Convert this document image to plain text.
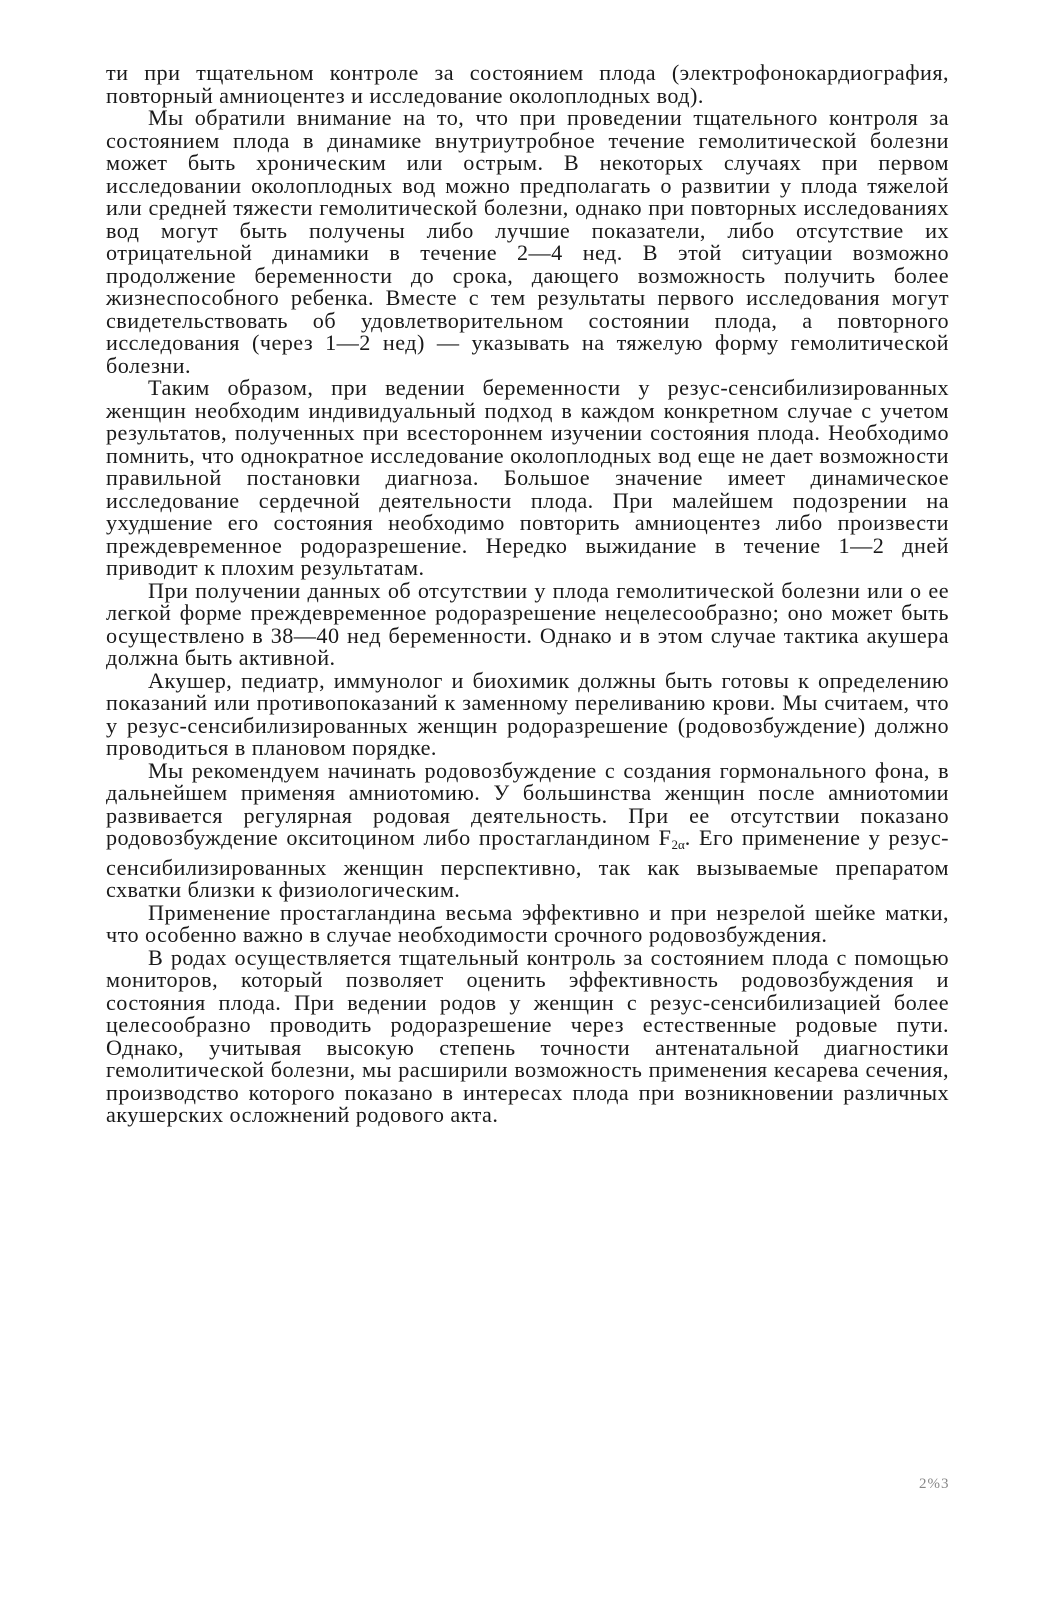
ти при тщательном контроле за состоянием плода (электрофонокардиография, повторный амниоцентез и исследование околоплодных вод).

Мы обратили внимание на то, что при проведении тщательного контроля за состоянием плода в динамике внутриутробное течение гемолитической болезни может быть хроническим или острым. В некоторых случаях при первом исследовании околоплодных вод можно предполагать о развитии у плода тяжелой или средней тяжести гемолитической болезни, однако при повторных исследованиях вод могут быть получены либо лучшие показатели, либо отсутствие их отрицательной динамики в течение 2—4 нед. В этой ситуации возможно продолжение беременности до срока, дающего возможность получить более жизнеспособного ребенка. Вместе с тем результаты первого исследования могут свидетельствовать об удовлетворительном состоянии плода, а повторного исследования (через 1—2 нед) — указывать на тяжелую форму гемолитической болезни.

Таким образом, при ведении беременности у резус-сенсибилизированных женщин необходим индивидуальный подход в каждом конкретном случае с учетом результатов, полученных при всестороннем изучении состояния плода. Необходимо помнить, что однократное исследование околоплодных вод еще не дает возможности правильной постановки диагноза. Большое значение имеет динамическое исследование сердечной деятельности плода. При малейшем подозрении на ухудшение его состояния необходимо повторить амниоцентез либо произвести преждевременное родоразрешение. Нередко выжидание в течение 1—2 дней приводит к плохим результатам.

При получении данных об отсутствии у плода гемолитической болезни или о ее легкой форме преждевременное родоразрешение нецелесообразно; оно может быть осуществлено в 38—40 нед беременности. Однако и в этом случае тактика акушера должна быть активной.

Акушер, педиатр, иммунолог и биохимик должны быть готовы к определению показаний или противопоказаний к заменному переливанию крови. Мы считаем, что у резус-сенсибилизированных женщин родоразрешение (родовозбуждение) должно проводиться в плановом порядке.

Мы рекомендуем начинать родовозбуждение с создания гормонального фона, в дальнейшем применяя амниотомию. У большинства женщин после амниотомии развивается регулярная родовая деятельность. При ее отсутствии показано родовозбуждение окситоцином либо простагландином $F_{2\alpha}$. Его применение у резус-сенсибилизированных женщин перспективно, так как вызываемые препаратом схватки близки к физиологическим.

Применение простагландина весьма эффективно и при незрелой шейке матки, что особенно важно в случае необходимости срочного родовозбуждения.

В родах осуществляется тщательный контроль за состоянием плода с помощью мониторов, который позволяет оценить эффективность родовозбуждения и состояния плода. При ведении родов у женщин с резус-сенсибилизацией более целесообразно проводить родоразрешение через естественные родовые пути. Однако, учитывая высокую степень точности антенатальной диагностики гемолитической болезни, мы расширили возможность применения кесарева сечения, производство которого показано в интересах плода при возникновении различных акушерских осложнений родового акта.

2%3
